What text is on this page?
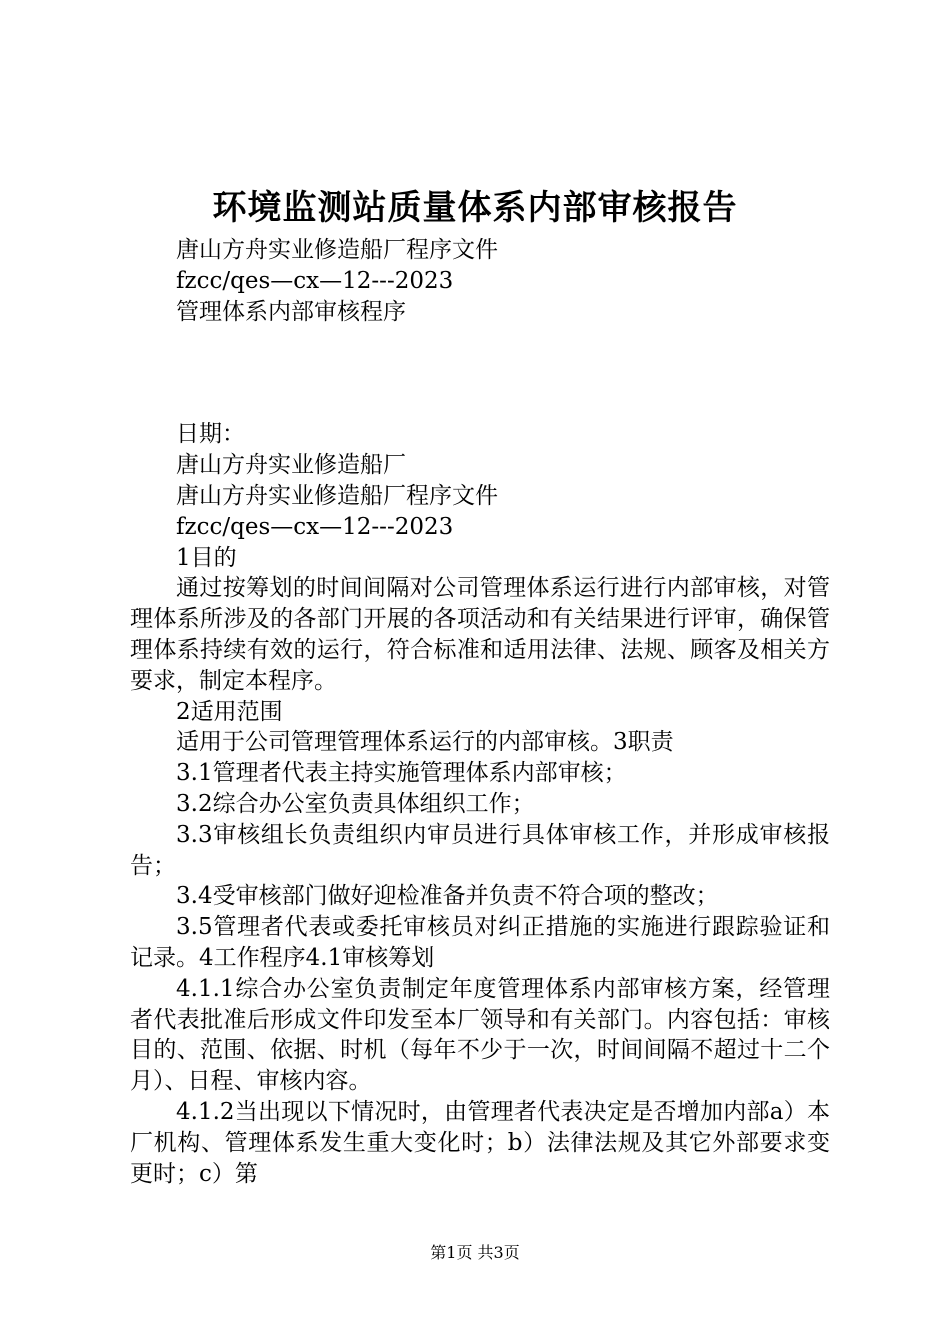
环境监测站质量体系内部审核报告
唐山方舟实业修造船厂程序文件
fzcc/qes—cx—12---2023
管理体系内部审核程序
日期：
唐山方舟实业修造船厂
唐山方舟实业修造船厂程序文件
fzcc/qes—cx—12---2023
1目的

通过按筹划的时间间隔对公司管理体系运行进行内部审核，对管理体系所涉及的各部门开展的各项活动和有关结果进行评审，确保管理体系持续有效的运行，符合标准和适用法律、法规、顾客及相关方要求，制定本程序。

2适用范围

适用于公司管理管理体系运行的内部审核。3职责

3.1管理者代表主持实施管理体系内部审核；

3.2综合办公室负责具体组织工作；

3.3审核组长负责组织内审员进行具体审核工作，并形成审核报告；

3.4受审核部门做好迎检准备并负责不符合项的整改；

3.5管理者代表或委托审核员对纠正措施的实施进行跟踪验证和记录。4工作程序4.1审核筹划

4.1.1综合办公室负责制定年度管理体系内部审核方案，经管理者代表批准后形成文件印发至本厂领导和有关部门。内容包括：审核目的、范围、依据、时机（每年不少于一次，时间间隔不超过十二个月）、日程、审核内容。

4.1.2当出现以下情况时，由管理者代表决定是否增加内部a）本厂机构、管理体系发生重大变化时；b）法律法规及其它外部要求变更时；c）第

第1页 共3页
